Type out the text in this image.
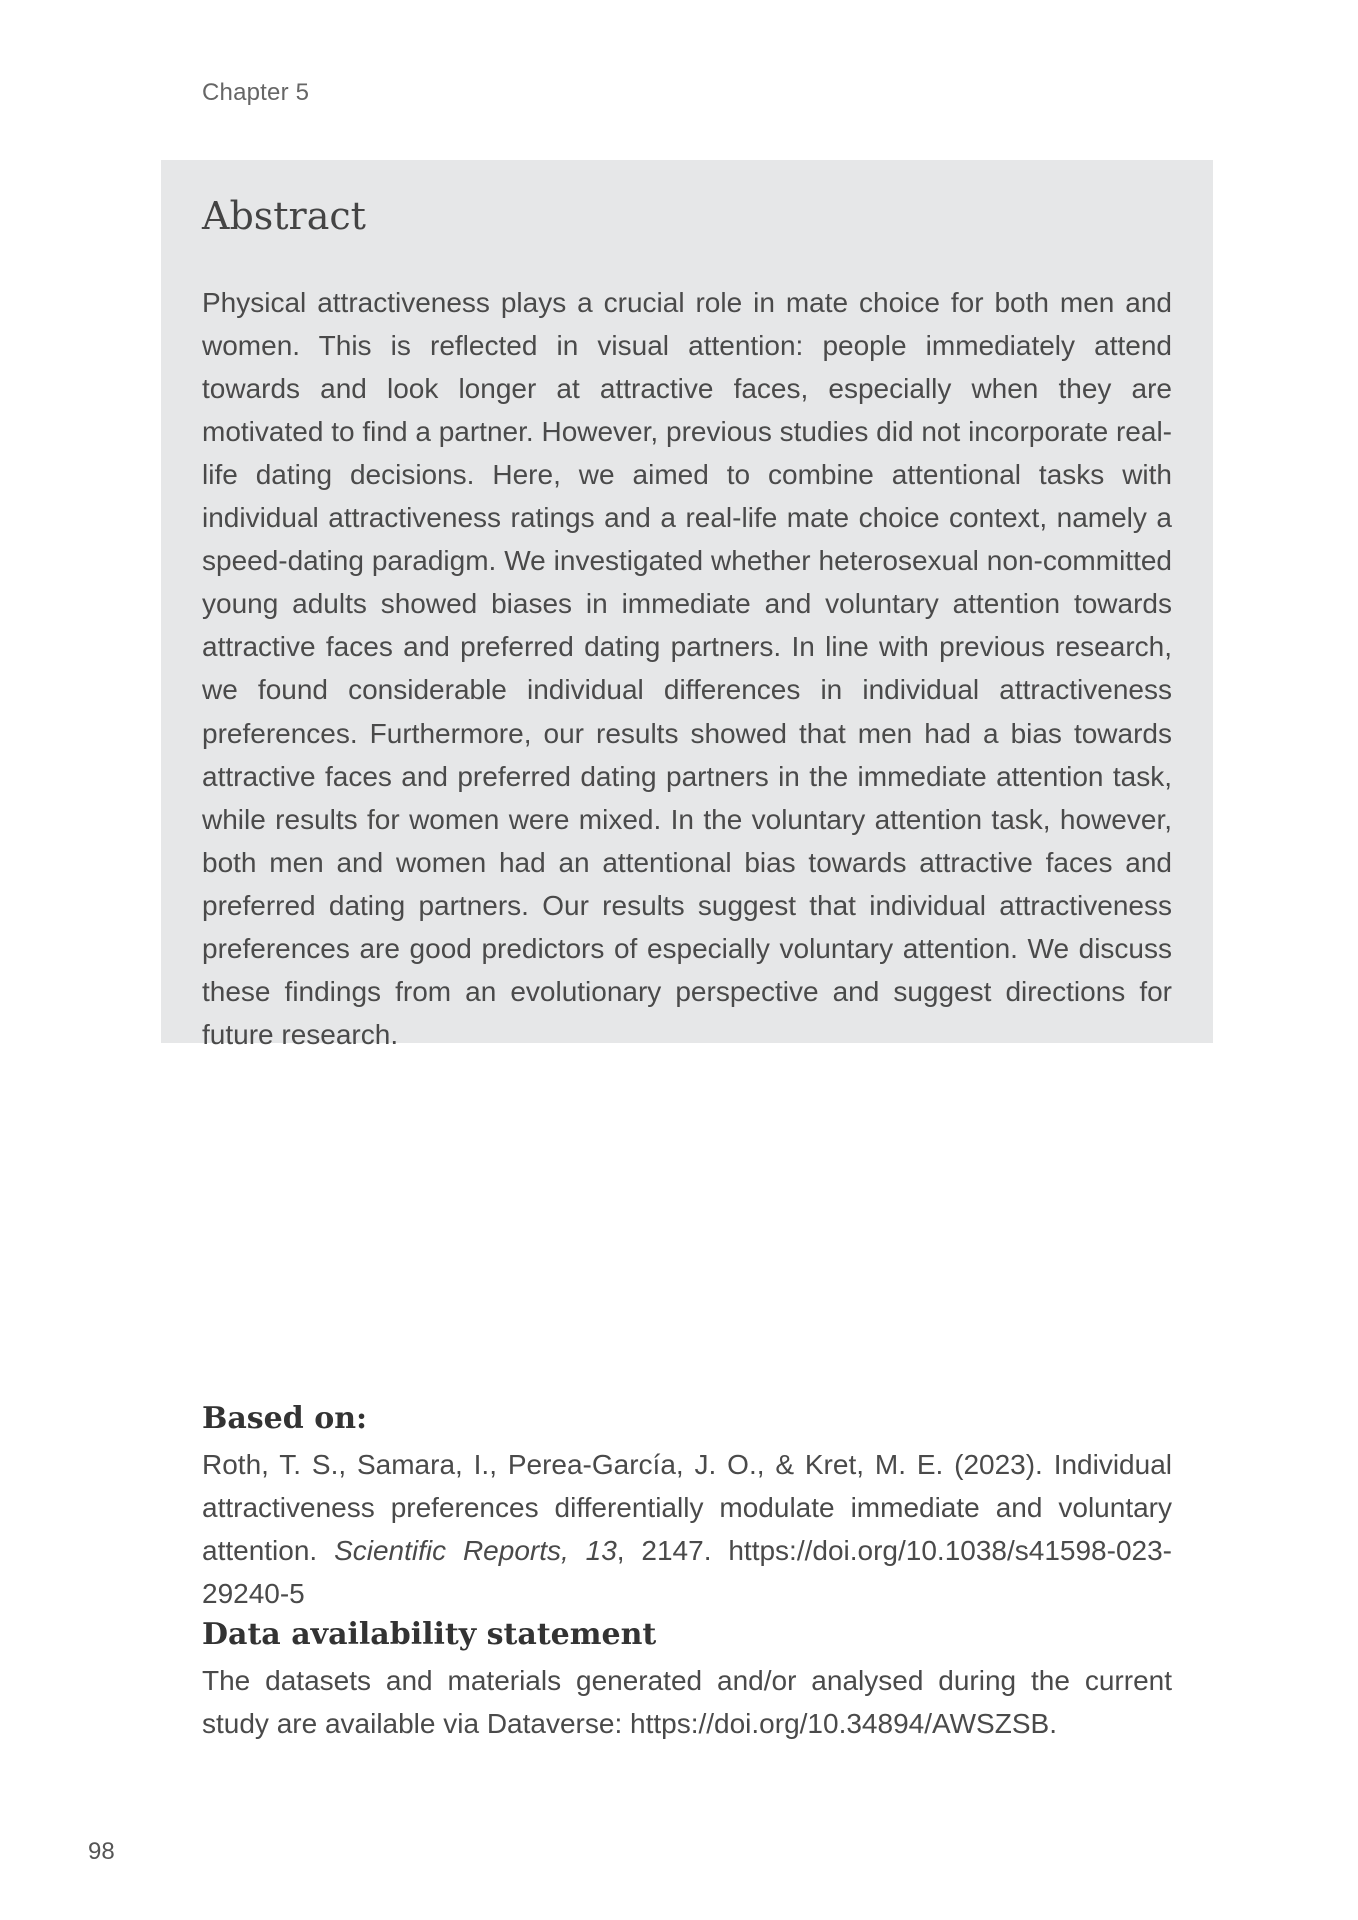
Chapter 5
Abstract

Physical attractiveness plays a crucial role in mate choice for both men and women. This is reflected in visual attention: people immediately attend towards and look longer at attractive faces, especially when they are motivated to find a partner. However, previous studies did not incorporate real-life dating decisions. Here, we aimed to combine attentional tasks with individual attractiveness ratings and a real-life mate choice context, namely a speed-dating paradigm. We investigated whether heterosexual non-committed young adults showed biases in immediate and voluntary attention towards attractive faces and preferred dating partners. In line with previous research, we found considerable individual differences in individual attractiveness preferences. Furthermore, our results showed that men had a bias towards attractive faces and preferred dating partners in the immediate attention task, while results for women were mixed. In the voluntary attention task, however, both men and women had an attentional bias towards attractive faces and preferred dating partners. Our results suggest that individual attractiveness preferences are good predictors of especially voluntary attention. We discuss these findings from an evolutionary perspective and suggest directions for future research.

Based on:

Roth, T. S., Samara, I., Perea-García, J. O., & Kret, M. E. (2023). Individual attractiveness preferences differentially modulate immediate and voluntary attention. Scientific Reports, 13, 2147. https://doi.org/10.1038/s41598-023-29240-5

Data availability statement

The datasets and materials generated and/or analysed during the current study are available via Dataverse: https://doi.org/10.34894/AWSZSB.

98
